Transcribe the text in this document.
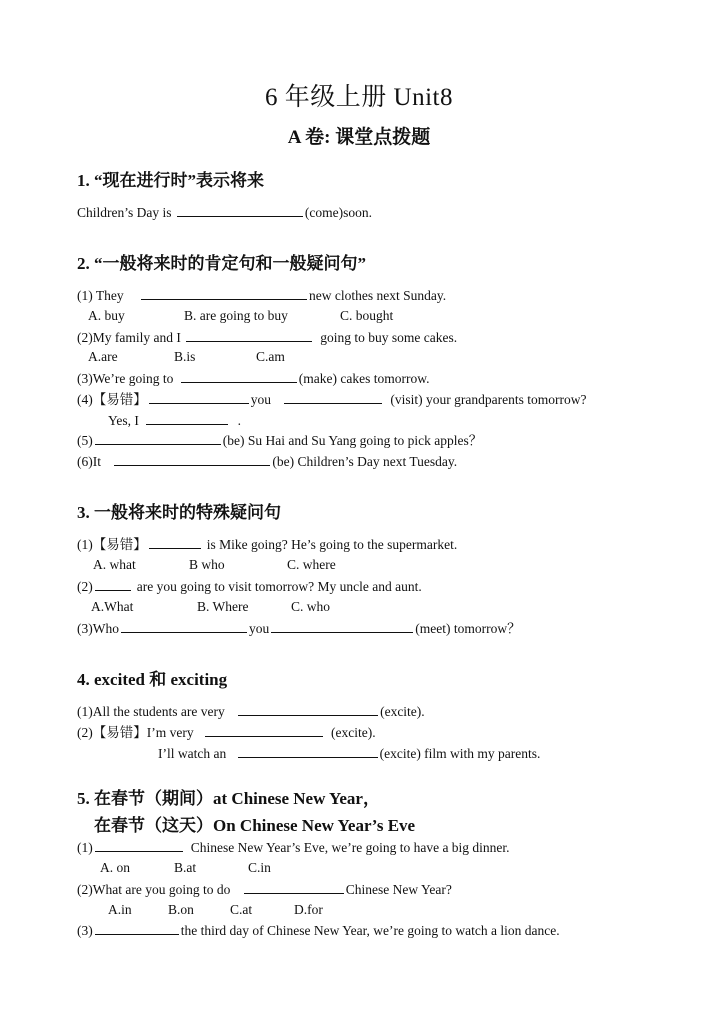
6 年级上册 Unit8
A 卷: 课堂点拨题
1. “现在进行时”表示将来
Children’s Day is	(come)soon.
2. “一般将来时的肯定句和一般疑问句”
(1) They	new clothes next Sunday.
A. buy	B. are going to buy	C. bought
(2)My family and I	going to buy some cakes.
A.are	B.is	C.am
(3)We’re going to	(make) cakes tomorrow.
(4)【易错】	you	(visit) your grandparents tomorrow?
Yes, I	.
(5)	(be) Su Hai and Su Yang going to pick apples？
(6)It	(be) Children’s Day next Tuesday.
3. 一般将来时的特殊疑问句
(1)【易错】	is Mike going? He’s going to the supermarket.
A. what	B who	C. where
(2)	are you going to visit tomorrow? My uncle and aunt.
A.What	B. Where	C. who
(3)Who	you	(meet) tomorrow？
4. excited 和 exciting
(1)All the students are very	(excite).
(2)【易错】I’m very	(excite).
I’ll watch an	(excite) film with my parents.
5. 在春节（期间）at Chinese New Year，
在春节（这天）On Chinese New Year’s Eve
(1)	Chinese New Year’s Eve, we’re going to have a big dinner.
A. on	B.at	C.in
(2)What are you going to do	Chinese New Year?
A.in	B.on	C.at	D.for
(3)	the third day of Chinese New Year, we’re going to watch a lion dance.
